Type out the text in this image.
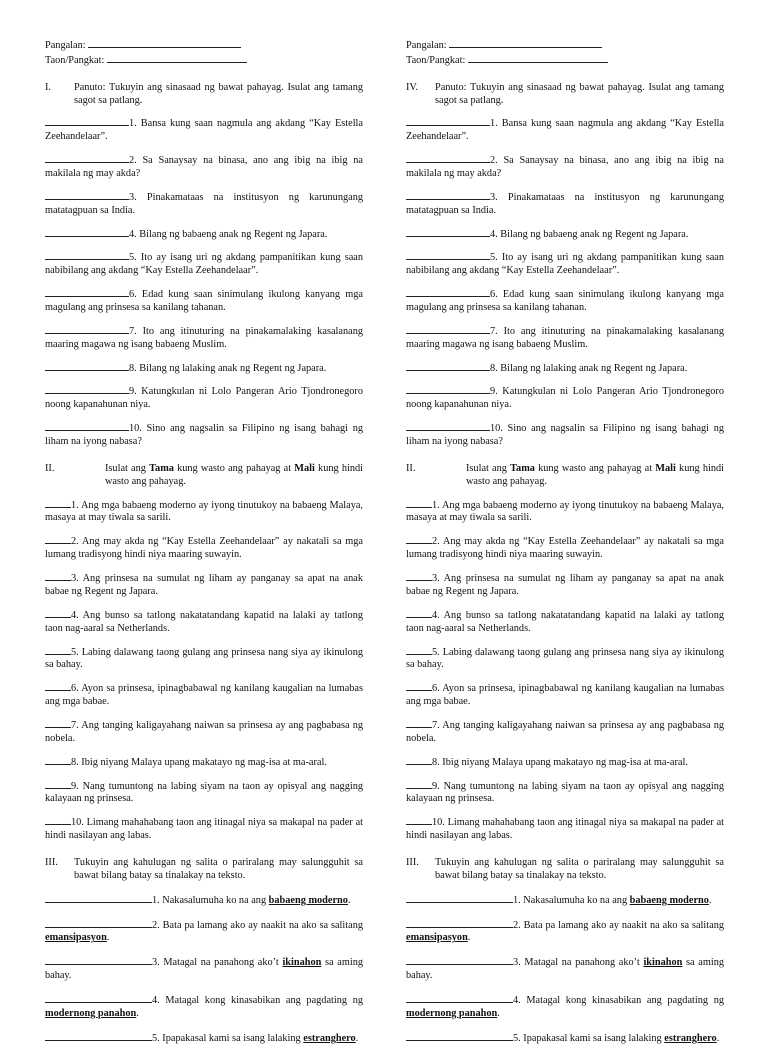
Pangalan:
Taon/Pangkat:
I.	Panuto: Tukuyin ang sinasaad ng bawat pahayag. Isulat ang tamang sagot sa patlang.
1. Bansa kung saan nagmula ang akdang “Kay Estella Zeehandelaar”.
2. Sa Sanaysay na binasa, ano ang ibig na ibig na makilala ng may akda?
3. Pinakamataas na institusyon ng karunungang matatagpuan sa India.
4. Bilang ng babaeng anak ng Regent ng Japara.
5. Ito ay isang uri ng akdang pampanitikan kung saan nabibilang ang akdang “Kay Estella Zeehandelaar”.
6. Edad kung saan sinimulang ikulong kanyang mga magulang ang prinsesa sa kanilang tahanan.
7. Ito ang itinuturing na pinakamalaking kasalanang maaring magawa ng isang babaeng Muslim.
8. Bilang ng lalaking anak ng Regent ng Japara.
9. Katungkulan ni Lolo Pangeran Ario Tjondronegoro noong kapanahunan niya.
10. Sino ang nagsalin sa Filipino ng isang bahagi ng liham na iyong nabasa?
II.	Isulat ang Tama kung wasto ang pahayag at Mali kung hindi wasto ang pahayag.
1. Ang mga babaeng moderno ay iyong tinutukoy na babaeng Malaya, masaya at may tiwala sa sarili.
2. Ang may akda ng “Kay Estella Zeehandelaar” ay nakatali sa mga lumang tradisyong hindi niya maaring suwayin.
3. Ang prinsesa na sumulat ng liham ay panganay sa apat na anak babae ng Regent ng Japara.
4. Ang bunso sa tatlong nakatatandang kapatid na lalaki ay tatlong taon nag-aaral sa Netherlands.
5. Labing dalawang taong gulang ang prinsesa nang siya ay ikinulong sa bahay.
6. Ayon sa prinsesa, ipinagbabawal ng kanilang kaugalian na lumabas ang mga babae.
7. Ang tanging kaligayahang naiwan sa prinsesa ay ang pagbabasa ng nobela.
8. Ibig niyang Malaya upang makatayo ng mag-isa at ma-aral.
9. Nang tumuntong na labing siyam na taon ay opisyal ang nagging kalayaan ng prinsesa.
10. Limang mahahabang taon ang itinagal niya sa makapal na pader at hindi nasilayan ang labas.
III.	Tukuyin ang kahulugan ng salita o pariralang may salungguhit sa bawat bilang batay sa tinalakay na teksto.
1. Nakasalumuha ko na ang babaeng moderno.
2. Bata pa lamang ako ay naakit na ako sa salitang emansipasyon.
3. Matagal na panahong ako’t ikinahon sa aming bahay.
4. Matagal kong kinasabikan ang pagdating ng modernong panahon.
5. Ipapakasal kami sa isang lalaking estranghero.
Pangalan:
Taon/Pangkat:
IV.	Panuto: Tukuyin ang sinasaad ng bawat pahayag. Isulat ang tamang sagot sa patlang.
1. Bansa kung saan nagmula ang akdang “Kay Estella Zeehandelaar”.
2. Sa Sanaysay na binasa, ano ang ibig na ibig na makilala ng may akda?
3. Pinakamataas na institusyon ng karunungang matatagpuan sa India.
4. Bilang ng babaeng anak ng Regent ng Japara.
5. Ito ay isang uri ng akdang pampanitikan kung saan nabibilang ang akdang “Kay Estella Zeehandelaar”.
6. Edad kung saan sinimulang ikulong kanyang mga magulang ang prinsesa sa kanilang tahanan.
7. Ito ang itinuturing na pinakamalaking kasalanang maaring magawa ng isang babaeng Muslim.
8. Bilang ng lalaking anak ng Regent ng Japara.
9. Katungkulan ni Lolo Pangeran Ario Tjondronegoro noong kapanahunan niya.
10. Sino ang nagsalin sa Filipino ng isang bahagi ng liham na iyong nabasa?
II.	Isulat ang Tama kung wasto ang pahayag at Mali kung hindi wasto ang pahayag.
1. Ang mga babaeng moderno ay iyong tinutukoy na babaeng Malaya, masaya at may tiwala sa sarili.
2. Ang may akda ng “Kay Estella Zeehandelaar” ay nakatali sa mga lumang tradisyong hindi niya maaring suwayin.
3. Ang prinsesa na sumulat ng liham ay panganay sa apat na anak babae ng Regent ng Japara.
4. Ang bunso sa tatlong nakatatandang kapatid na lalaki ay tatlong taon nag-aaral sa Netherlands.
5. Labing dalawang taong gulang ang prinsesa nang siya ay ikinulong sa bahay.
6. Ayon sa prinsesa, ipinagbabawal ng kanilang kaugalian na lumabas ang mga babae.
7. Ang tanging kaligayahang naiwan sa prinsesa ay ang pagbabasa ng nobela.
8. Ibig niyang Malaya upang makatayo ng mag-isa at ma-aral.
9. Nang tumuntong na labing siyam na taon ay opisyal ang nagging kalayaan ng prinsesa.
10. Limang mahahabang taon ang itinagal niya sa makapal na pader at hindi nasilayan ang labas.
III.	Tukuyin ang kahulugan ng salita o pariralang may salungguhit sa bawat bilang batay sa tinalakay na teksto.
1. Nakasalumuha ko na ang babaeng moderno.
2. Bata pa lamang ako ay naakit na ako sa salitang emansipasyon.
3. Matagal na panahong ako’t ikinahon sa aming bahay.
4. Matagal kong kinasabikan ang pagdating ng modernong panahon.
5. Ipapakasal kami sa isang lalaking estranghero.
